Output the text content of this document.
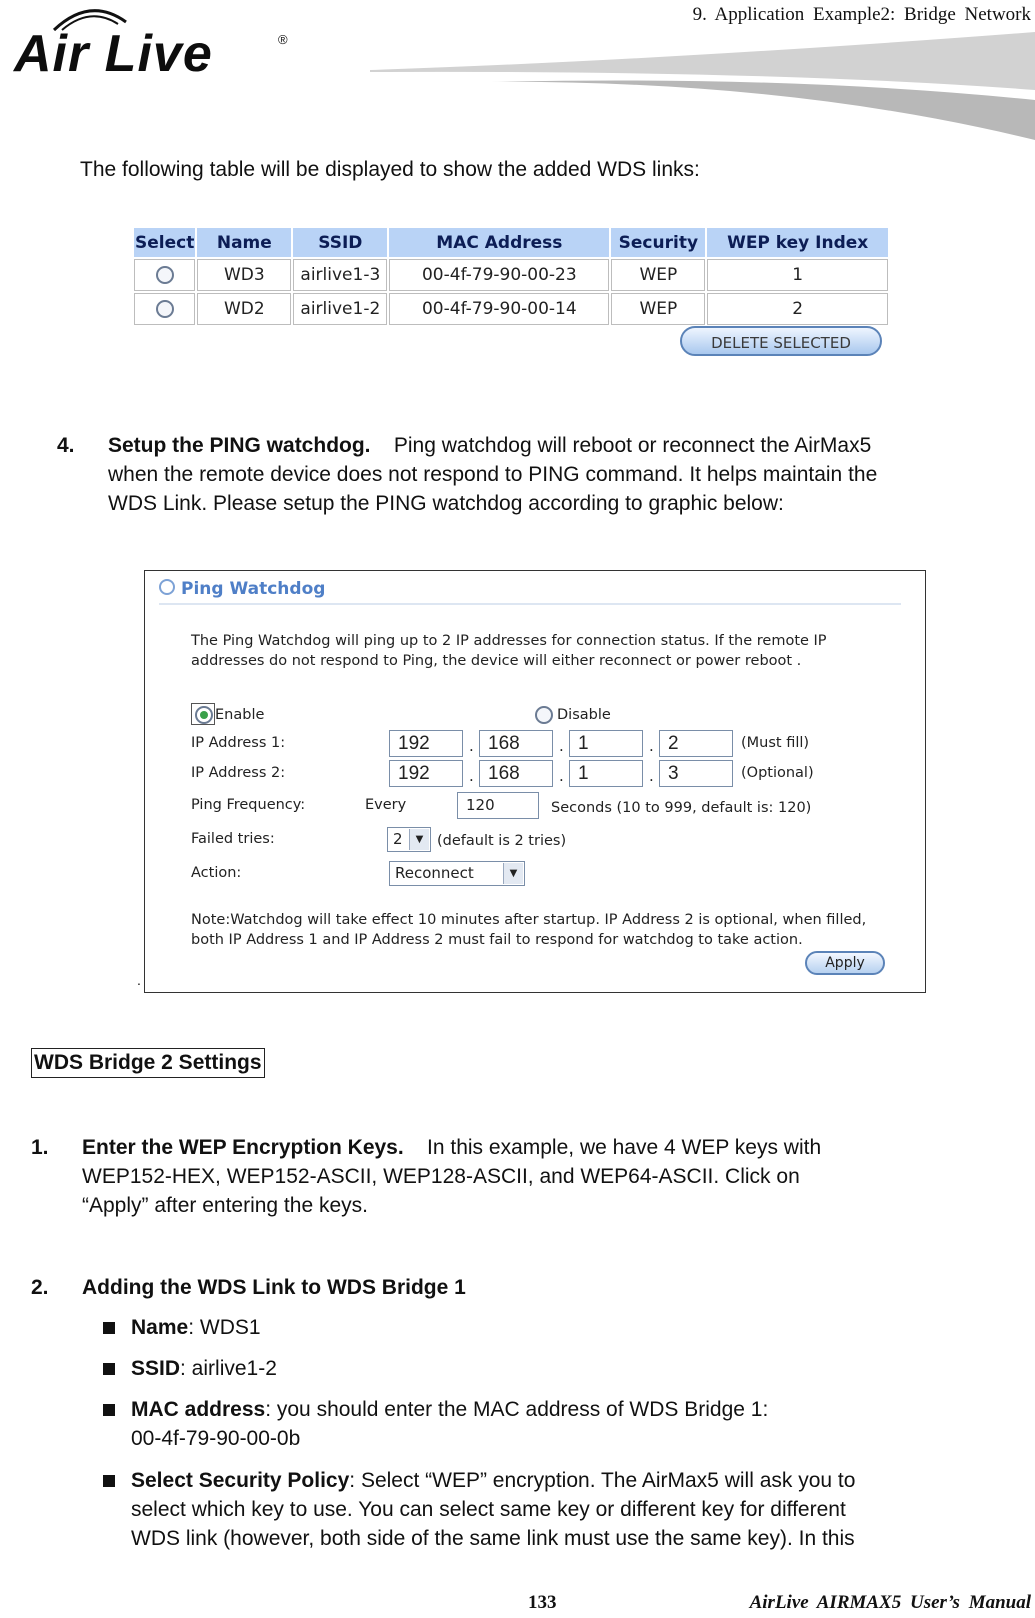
9. Application Example2: Bridge Network
Air Live	®
The following table will be displayed to show the added WDS links:
Select	Name	SSID	MAC Address	Security	WEP key Index
	WD3	airlive1-3	00-4f-79-90-00-23	WEP	1
	WD2	airlive1-2	00-4f-79-90-00-14	WEP	2
DELETE SELECTED
4. Setup the PING watchdog. Ping watchdog will reboot or reconnect the AirMax5
when the remote device does not respond to PING command. It helps maintain the
WDS Link. Please setup the PING watchdog according to graphic below:
Ping Watchdog
The Ping Watchdog will ping up to 2 IP addresses for connection status. If the remote IP addresses do not respond to Ping, the device will either reconnect or power reboot .
Enable	Disable
IP Address 1:	192	. 168	. 1	. 2	(Must fill)
IP Address 2:	192	. 168	. 1	. 3	(Optional)
Ping Frequency:	Every	120	Seconds (10 to 999, default is: 120)
Failed tries:	2	▼ (default is 2 tries)
Action:	Reconnect	▼
Note:Watchdog will take effect 10 minutes after startup. IP Address 2 is optional, when filled, both IP Address 1 and IP Address 2 must fail to respond for watchdog to take action.
Apply
.
WDS Bridge 2 Settings
1. Enter the WEP Encryption Keys. In this example, we have 4 WEP keys with
WEP152-HEX, WEP152-ASCII, WEP128-ASCII, and WEP64-ASCII. Click on
“Apply” after entering the keys.
2. Adding the WDS Link to WDS Bridge 1
Name: WDS1
SSID: airlive1-2
MAC address: you should enter the MAC address of WDS Bridge 1:
00-4f-79-90-00-0b
Select Security Policy: Select “WEP” encryption. The AirMax5 will ask you to
select which key to use. You can select same key or different key for different
WDS link (however, both side of the same link must use the same key). In this
133	AirLive AIRMAX5 User’s Manual
